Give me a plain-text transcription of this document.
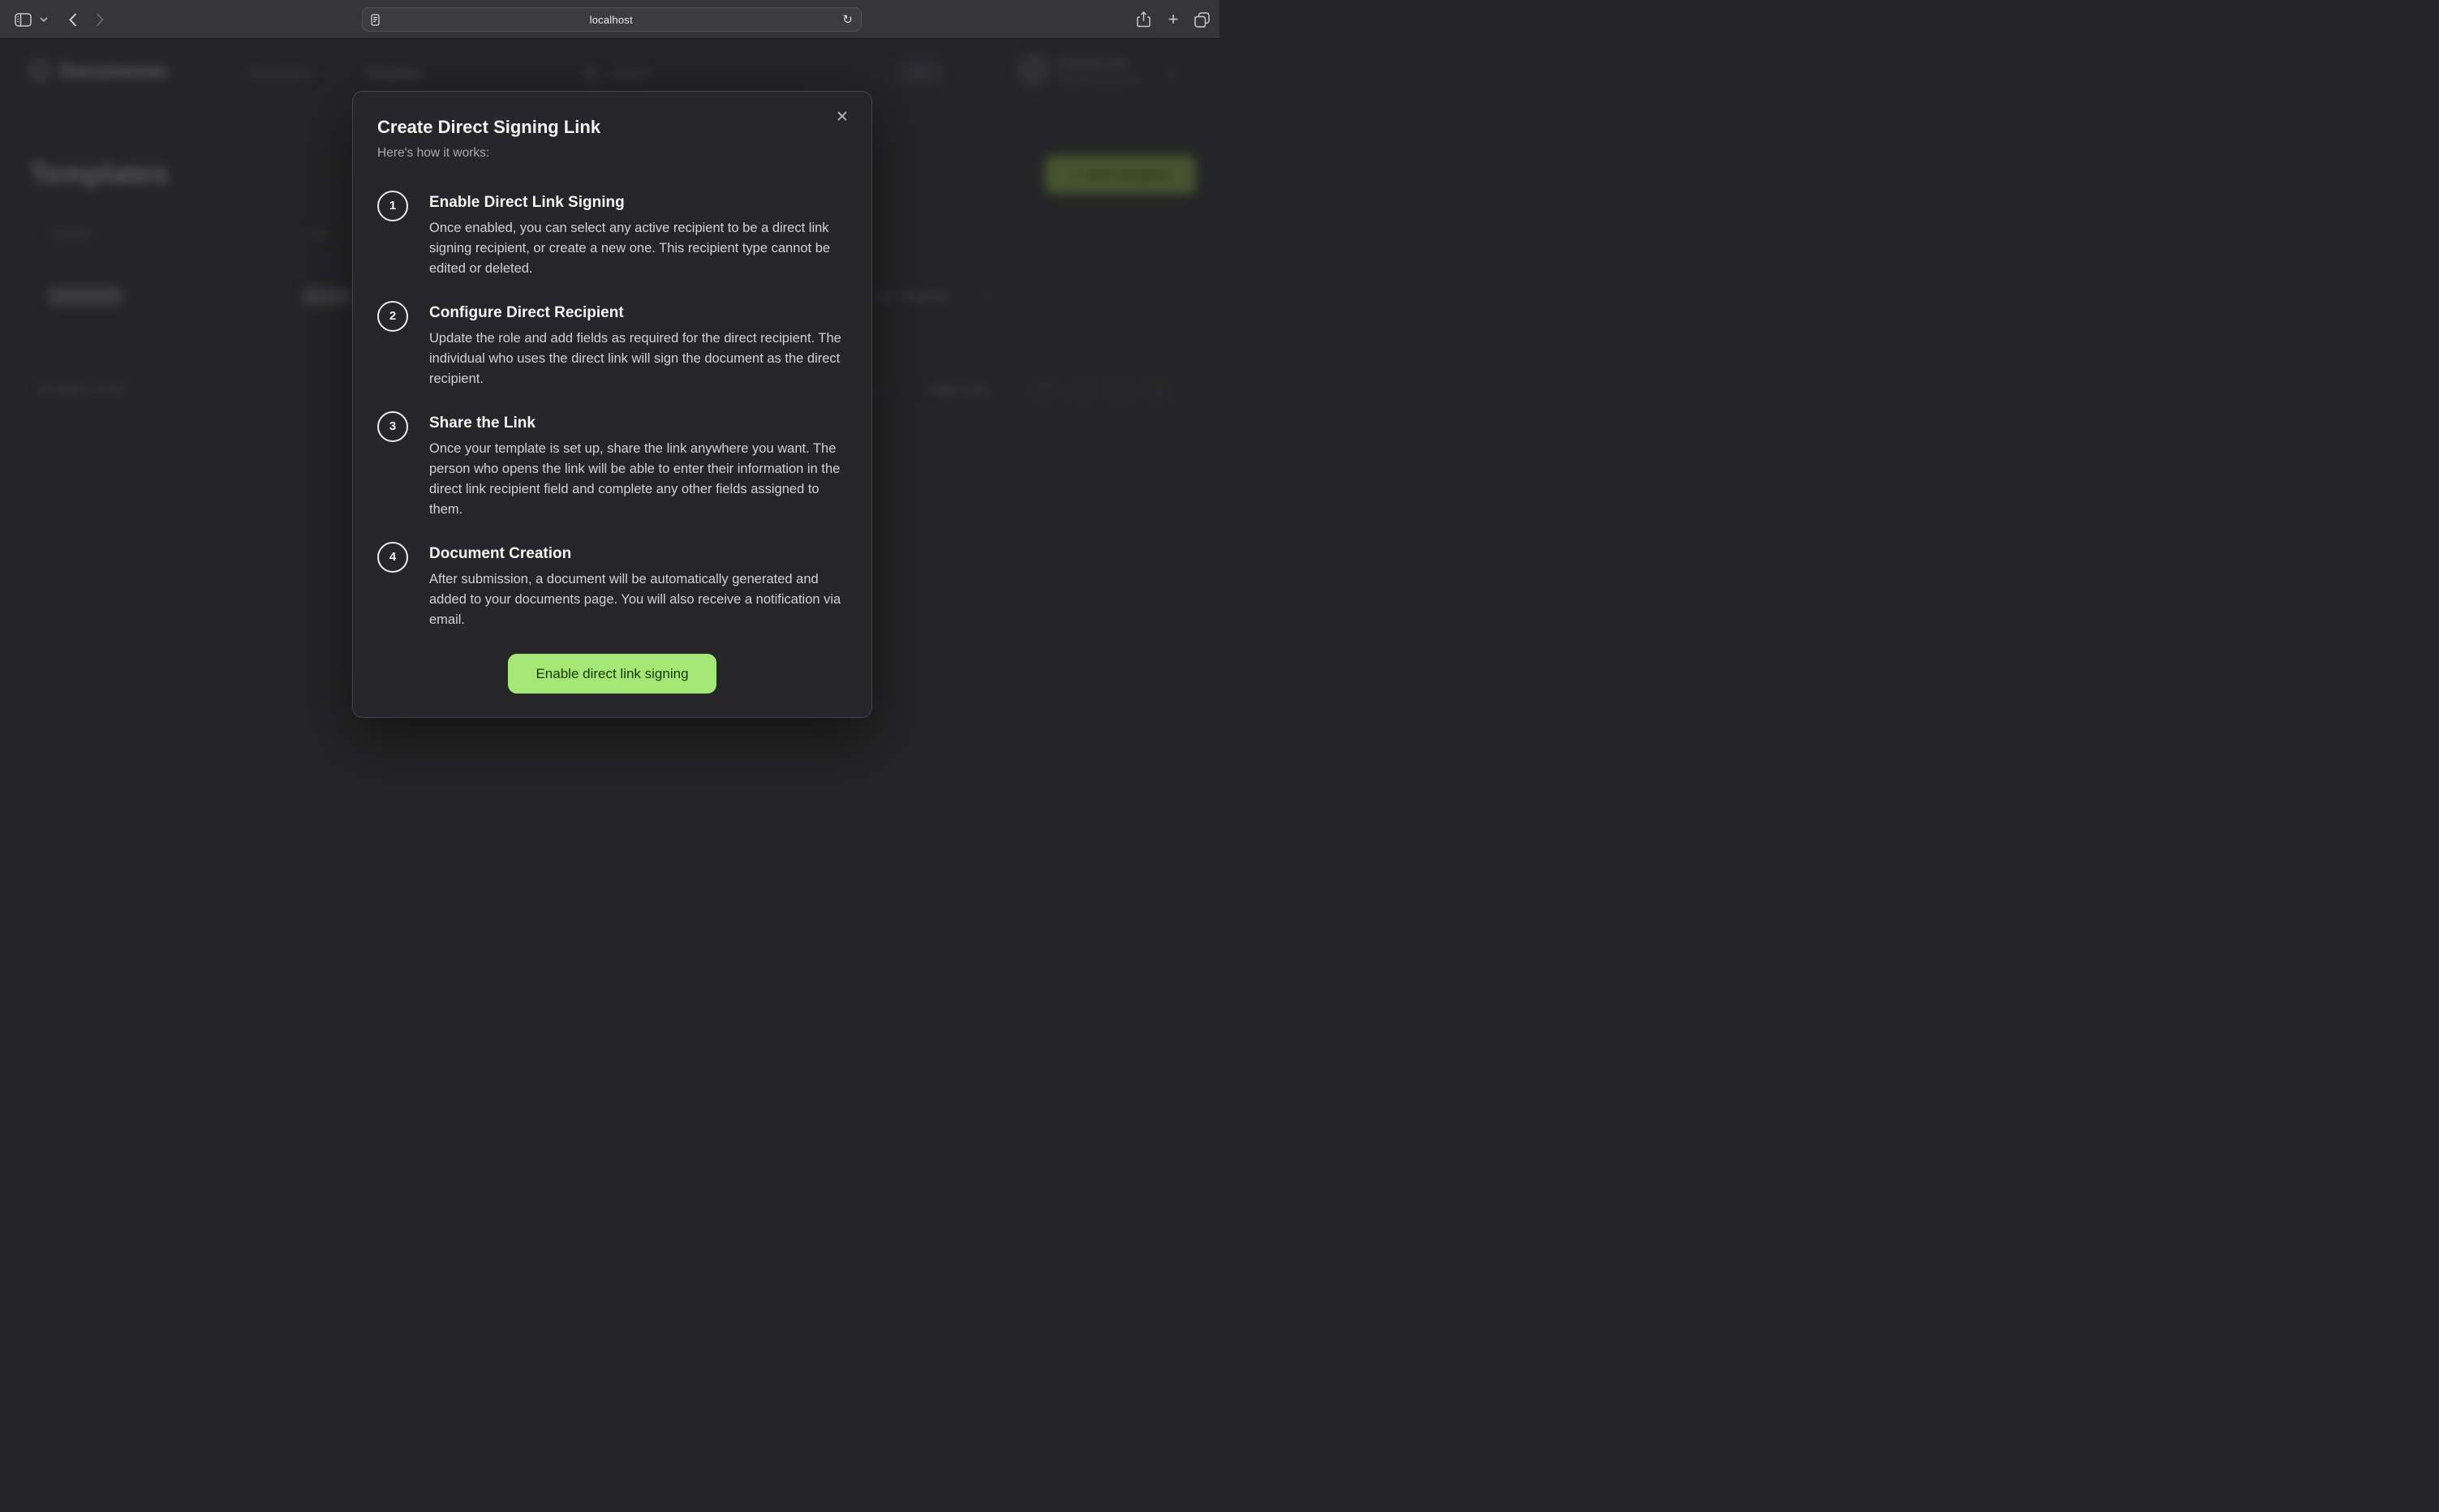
localhost	↻	+
Documenso	Documents	Templates	Search	⌘K
Example User
Personal Account
Templates	+ New Template
Created	Title
Use Template	···
Showing 1 result	Page 1 of 1	«	‹	›	»
✕
Create Direct Signing Link
Here's how it works:
1	Enable Direct Link Signing
Once enabled, you can select any active recipient to be a direct link signing recipient, or create a new one. This recipient type cannot be edited or deleted.
2	Configure Direct Recipient
Update the role and add fields as required for the direct recipient. The individual who uses the direct link will sign the document as the direct recipient.
3	Share the Link
Once your template is set up, share the link anywhere you want. The person who opens the link will be able to enter their information in the direct link recipient field and complete any other fields assigned to them.
4	Document Creation
After submission, a document will be automatically generated and added to your documents page. You will also receive a notification via email.
Enable direct link signing
